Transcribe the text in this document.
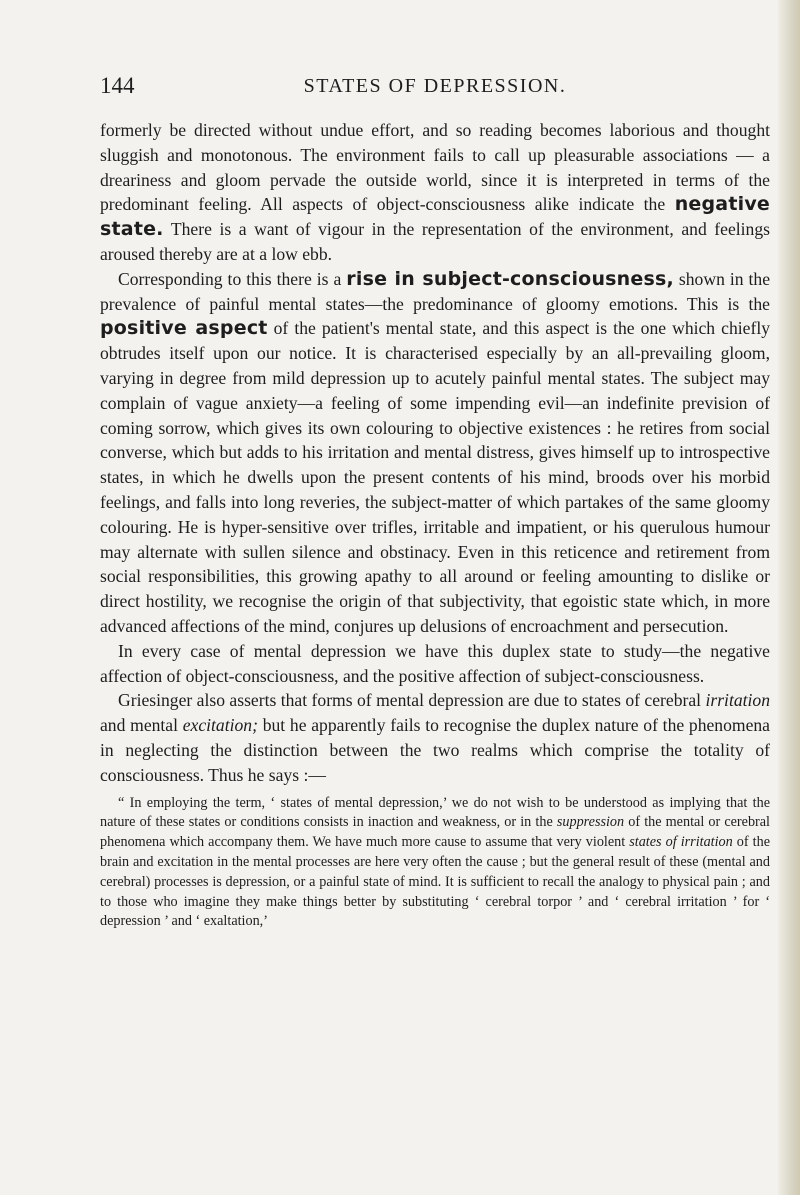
144	STATES OF DEPRESSION.

formerly be directed without undue effort, and so reading becomes laborious and thought sluggish and monotonous. The environment fails to call up pleasurable associations — a dreariness and gloom pervade the outside world, since it is interpreted in terms of the predominant feeling. All aspects of object-consciousness alike indicate the negative state. There is a want of vigour in the representation of the environment, and feelings aroused thereby are at a low ebb.

Corresponding to this there is a rise in subject-consciousness, shown in the prevalence of painful mental states—the predominance of gloomy emotions. This is the positive aspect of the patient's mental state, and this aspect is the one which chiefly obtrudes itself upon our notice. It is characterised especially by an all-prevailing gloom, varying in degree from mild depression up to acutely painful mental states. The subject may complain of vague anxiety—a feeling of some impending evil—an indefinite prevision of coming sorrow, which gives its own colouring to objective existences : he retires from social converse, which but adds to his irritation and mental distress, gives himself up to introspective states, in which he dwells upon the present contents of his mind, broods over his morbid feelings, and falls into long reveries, the subject-matter of which partakes of the same gloomy colouring. He is hyper-sensitive over trifles, irritable and impatient, or his querulous humour may alternate with sullen silence and obstinacy. Even in this reticence and retirement from social responsibilities, this growing apathy to all around or feeling amounting to dislike or direct hostility, we recognise the origin of that subjectivity, that egoistic state which, in more advanced affections of the mind, conjures up delusions of encroachment and persecution.

In every case of mental depression we have this duplex state to study—the negative affection of object-consciousness, and the positive affection of subject-consciousness.

Griesinger also asserts that forms of mental depression are due to states of cerebral irritation and mental excitation; but he apparently fails to recognise the duplex nature of the phenomena in neglecting the distinction between the two realms which comprise the totality of consciousness. Thus he says :—

“ In employing the term, ‘ states of mental depression,’ we do not wish to be understood as implying that the nature of these states or conditions consists in inaction and weakness, or in the suppression of the mental or cerebral phenomena which accompany them. We have much more cause to assume that very violent states of irritation of the brain and excitation in the mental processes are here very often the cause ; but the general result of these (mental and cerebral) processes is depression, or a painful state of mind. It is sufficient to recall the analogy to physical pain ; and to those who imagine they make things better by substituting ‘ cerebral torpor ’ and ‘ cerebral irritation ’ for ‘ depression ’ and ‘ exaltation,’
